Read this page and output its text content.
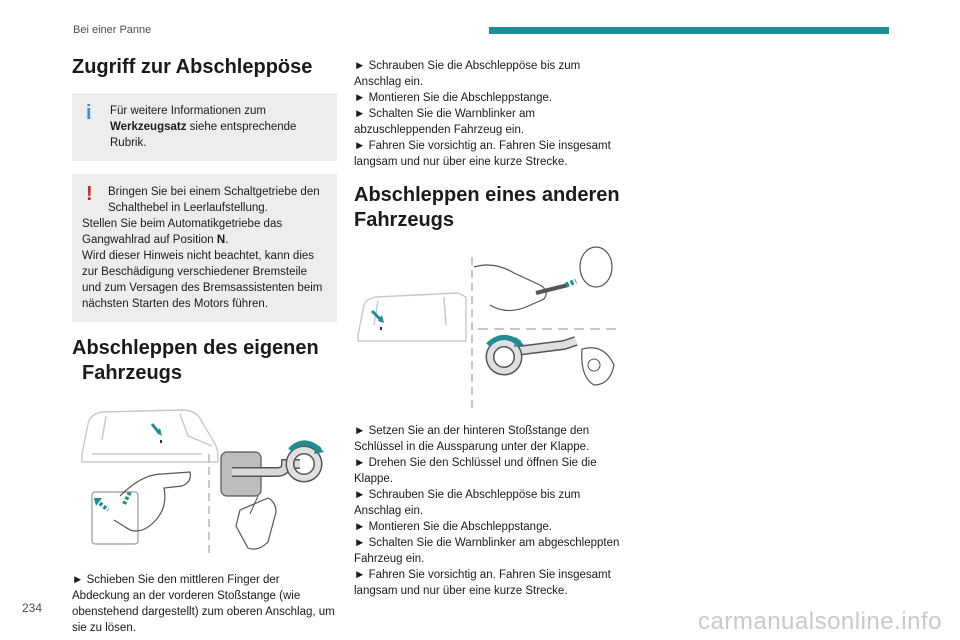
Bei einer Panne
Zugriff zur Abschleppöse
i Für weitere Informationen zum
Werkzeugsatz siehe entsprechende Rubrik.
! Bringen Sie bei einem Schaltgetriebe den Schalthebel in Leerlaufstellung.
Stellen Sie beim Automatikgetriebe das Gangwahlrad auf Position N.
Wird dieser Hinweis nicht beachtet, kann dies zur Beschädigung verschiedener Bremsteile und zum Versagen des Bremsassistenten beim nächsten Starten des Motors führen.
Abschleppen des eigenen
Fahrzeugs
► Schieben Sie den mittleren Finger der Abdeckung an der vorderen Stoßstange (wie obenstehend dargestellt) zum oberen Anschlag, um sie zu lösen.
► Schrauben Sie die Abschleppöse bis zum Anschlag ein.
► Montieren Sie die Abschleppstange.
► Schalten Sie die Warnblinker am abzuschleppenden Fahrzeug ein.
► Fahren Sie vorsichtig an. Fahren Sie insgesamt langsam und nur über eine kurze Strecke.
Abschleppen eines anderen
Fahrzeugs
► Setzen Sie an der hinteren Stoßstange den Schlüssel in die Aussparung unter der Klappe.
► Drehen Sie den Schlüssel und öffnen Sie die Klappe.
► Schrauben Sie die Abschleppöse bis zum Anschlag ein.
► Montieren Sie die Abschleppstange.
► Schalten Sie die Warnblinker am abgeschleppten Fahrzeug ein.
► Fahren Sie vorsichtig an. Fahren Sie insgesamt langsam und nur über eine kurze Strecke.
234	carmanualsonline.info
